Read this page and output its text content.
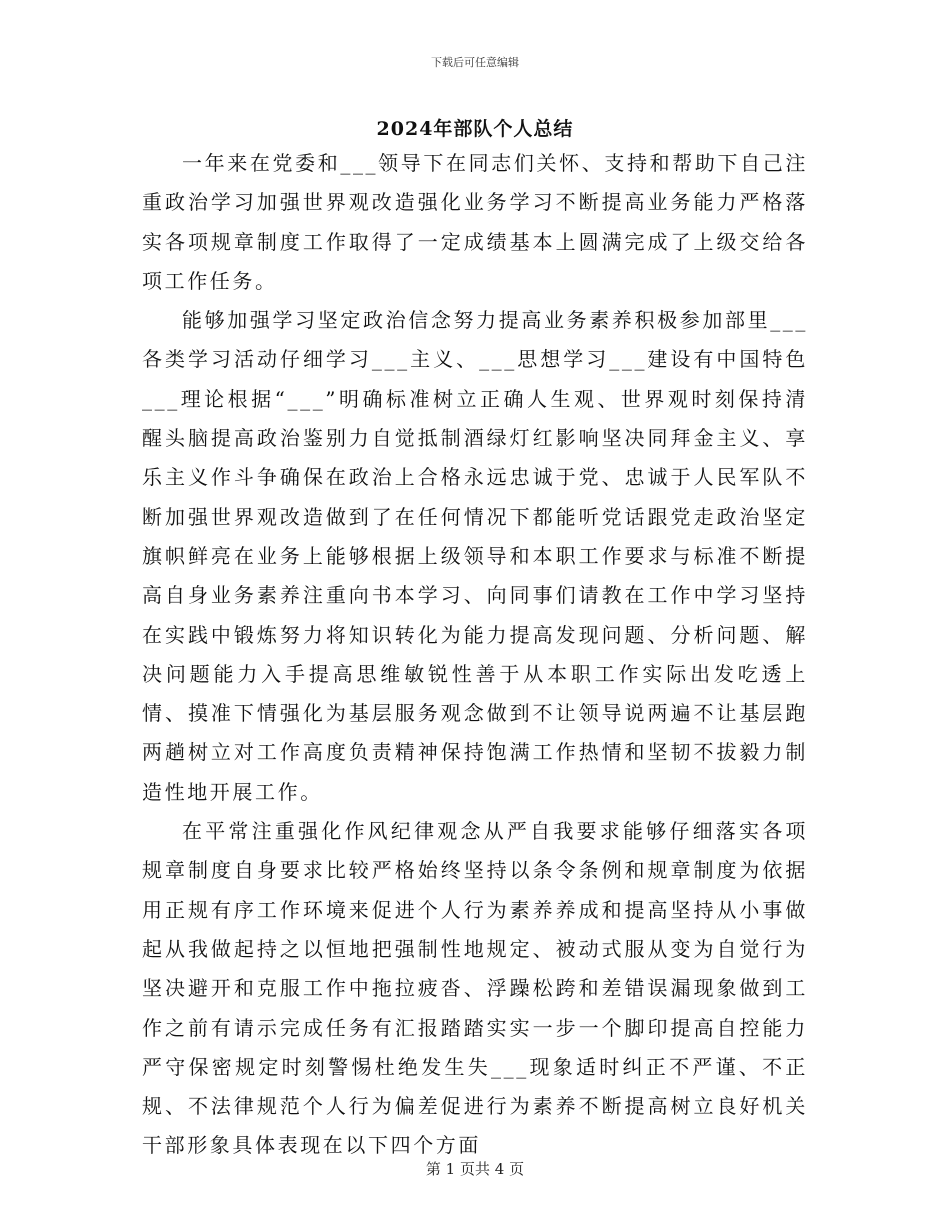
下载后可任意编辑
2024年部队个人总结

一年来在党委和___领导下在同志们关怀、支持和帮助下自己注重政治学习加强世界观改造强化业务学习不断提高业务能力严格落实各项规章制度工作取得了一定成绩基本上圆满完成了上级交给各项工作任务。

能够加强学习坚定政治信念努力提高业务素养积极参加部里___各类学习活动仔细学习___主义、___思想学习___建设有中国特色___理论根据“___”明确标准树立正确人生观、世界观时刻保持清醒头脑提高政治鉴别力自觉抵制酒绿灯红影响坚决同拜金主义、享乐主义作斗争确保在政治上合格永远忠诚于党、忠诚于人民军队不断加强世界观改造做到了在任何情况下都能听党话跟党走政治坚定旗帜鲜亮在业务上能够根据上级领导和本职工作要求与标准不断提高自身业务素养注重向书本学习、向同事们请教在工作中学习坚持在实践中锻炼努力将知识转化为能力提高发现问题、分析问题、解决问题能力入手提高思维敏锐性善于从本职工作实际出发吃透上情、摸准下情强化为基层服务观念做到不让领导说两遍不让基层跑两趟树立对工作高度负责精神保持饱满工作热情和坚韧不拔毅力制造性地开展工作。

在平常注重强化作风纪律观念从严自我要求能够仔细落实各项规章制度自身要求比较严格始终坚持以条令条例和规章制度为依据用正规有序工作环境来促进个人行为素养养成和提高坚持从小事做起从我做起持之以恒地把强制性地规定、被动式服从变为自觉行为坚决避开和克服工作中拖拉疲沓、浮躁松跨和差错误漏现象做到工作之前有请示完成任务有汇报踏踏实实一步一个脚印提高自控能力严守保密规定时刻警惕杜绝发生失___现象适时纠正不严谨、不正规、不法律规范个人行为偏差促进行为素养不断提高树立良好机关干部形象具体表现在以下四个方面

第 1 页共 4 页
